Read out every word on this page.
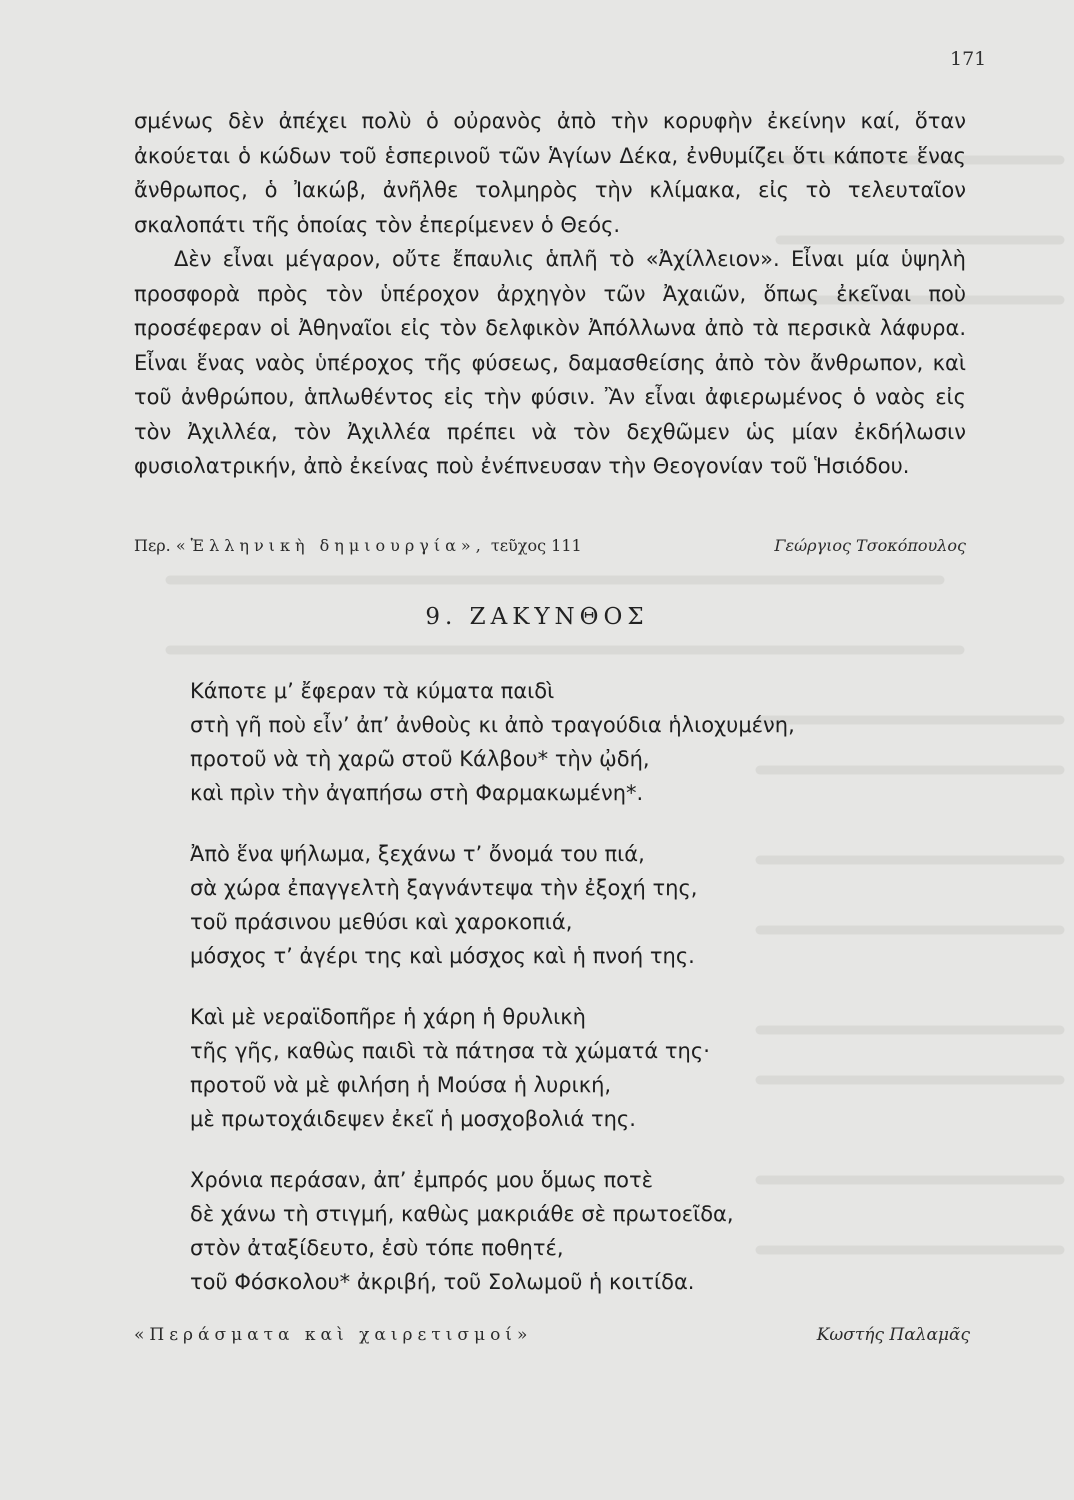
171

σμένως δὲν ἀπέχει πολὺ ὁ οὐρανὸς ἀπὸ τὴν κορυφὴν ἐκείνην καί, ὅταν ἀκούεται ὁ κώδων τοῦ ἑσπερινοῦ τῶν Ἁγίων Δέκα, ἐνθυμίζει ὅτι κάποτε ἕνας ἄνθρωπος, ὁ Ἰακώβ, ἀνῆλθε τολμηρὸς τὴν κλίμακα, εἰς τὸ τελευταῖον σκαλοπάτι τῆς ὁποίας τὸν ἐπερίμενεν ὁ Θεός.

Δὲν εἶναι μέγαρον, οὔτε ἔπαυλις ἁπλῆ τὸ «Ἀχίλλειον». Εἶναι μία ὑψηλὴ προσφορὰ πρὸς τὸν ὑπέροχον ἀρχηγὸν τῶν Ἀχαιῶν, ὅπως ἐκεῖναι ποὺ προσέφεραν οἱ Ἀθηναῖοι εἰς τὸν δελφικὸν Ἀπόλλωνα ἀπὸ τὰ περσικὰ λάφυρα. Εἶναι ἕνας ναὸς ὑπέροχος τῆς φύσεως, δαμασθείσης ἀπὸ τὸν ἄνθρωπον, καὶ τοῦ ἀνθρώπου, ἁπλωθέντος εἰς τὴν φύσιν. Ἂν εἶναι ἀφιερωμένος ὁ ναὸς εἰς τὸν Ἀχιλλέα, τὸν Ἀχιλλέα πρέπει νὰ τὸν δεχθῶμεν ὡς μίαν ἐκδήλωσιν φυσιολατρικήν, ἀπὸ ἐκείνας ποὺ ἐνέπνευσαν τὴν Θεογονίαν τοῦ Ἡσιόδου.

Περ. «Ἑλληνικὴ δημιουργία», τεῦχος 111	Γεώργιος Τσοκόπουλος
9. ΖΑΚΥΝΘΟΣ
Κάποτε μ’ ἔφεραν τὰ κύματα παιδὶ
στὴ γῆ ποὺ εἶν’ ἀπ’ ἀνθοὺς κι ἀπὸ τραγούδια ἡλιοχυμένη,
προτοῦ νὰ τὴ χαρῶ στοῦ Κάλβου* τὴν ᾠδή,
καὶ πρὶν τὴν ἀγαπήσω στὴ Φαρμακωμένη*.
Ἀπὸ ἕνα ψήλωμα, ξεχάνω τ’ ὄνομά του πιά,
σὰ χώρα ἐπαγγελτὴ ξαγνάντεψα τὴν ἐξοχή της,
τοῦ πράσινου μεθύσι καὶ χαροκοπιά,
μόσχος τ’ ἀγέρι της καὶ μόσχος καὶ ἡ πνοή της.
Καὶ μὲ νεραϊδοπῆρε ἡ χάρη ἡ θρυλικὴ
τῆς γῆς, καθὼς παιδὶ τὰ πάτησα τὰ χώματά της·
προτοῦ νὰ μὲ φιλήση ἡ Μούσα ἡ λυρική,
μὲ πρωτοχάιδεψεν ἐκεῖ ἡ μοσχοβολιά της.
Χρόνια περάσαν, ἀπ’ ἐμπρός μου ὅμως ποτὲ
δὲ χάνω τὴ στιγμή, καθὼς μακριάθε σὲ πρωτοεῖδα,
στὸν ἀταξίδευτο, ἐσὺ τόπε ποθητέ,
τοῦ Φόσκολου* ἀκριβή, τοῦ Σολωμοῦ ἡ κοιτίδα.
«Περάσματα καὶ χαιρετισμοί»	Κωστής Παλαμᾶς
